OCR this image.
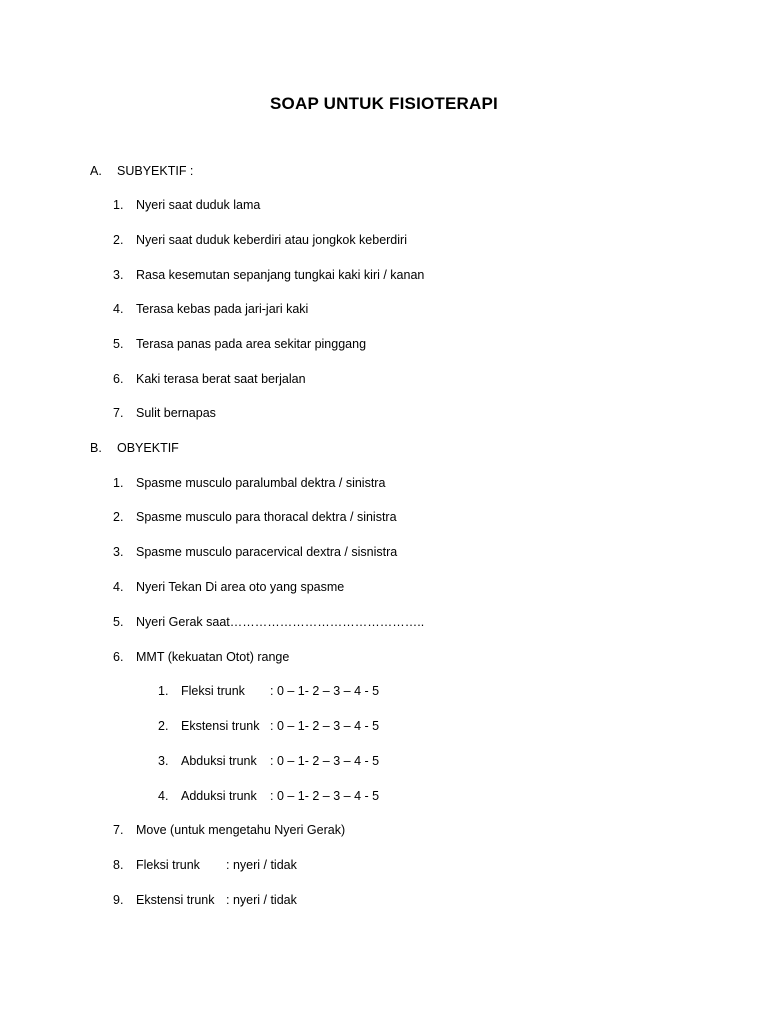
SOAP UNTUK FISIOTERAPI
A. SUBYEKTIF :
1. Nyeri saat duduk lama
2. Nyeri saat duduk keberdiri atau jongkok keberdiri
3. Rasa kesemutan sepanjang tungkai kaki kiri / kanan
4. Terasa kebas pada jari-jari kaki
5. Terasa panas pada area sekitar pinggang
6. Kaki terasa berat saat berjalan
7. Sulit bernapas
B. OBYEKTIF
1. Spasme musculo paralumbal dektra / sinistra
2. Spasme musculo para thoracal dektra / sinistra
3. Spasme musculo paracervical dextra / sisnistra
4. Nyeri Tekan Di area oto yang spasme
5. Nyeri Gerak saat………………………………………..
6. MMT (kekuatan Otot) range
1. Fleksi trunk : 0 – 1- 2 – 3 – 4 - 5
2. Ekstensi trunk : 0 – 1- 2 – 3 – 4 - 5
3. Abduksi trunk : 0 – 1- 2 – 3 – 4 - 5
4. Adduksi trunk : 0 – 1- 2 – 3 – 4 - 5
7. Move (untuk mengetahu Nyeri Gerak)
8. Fleksi trunk : nyeri / tidak
9. Ekstensi trunk : nyeri / tidak
